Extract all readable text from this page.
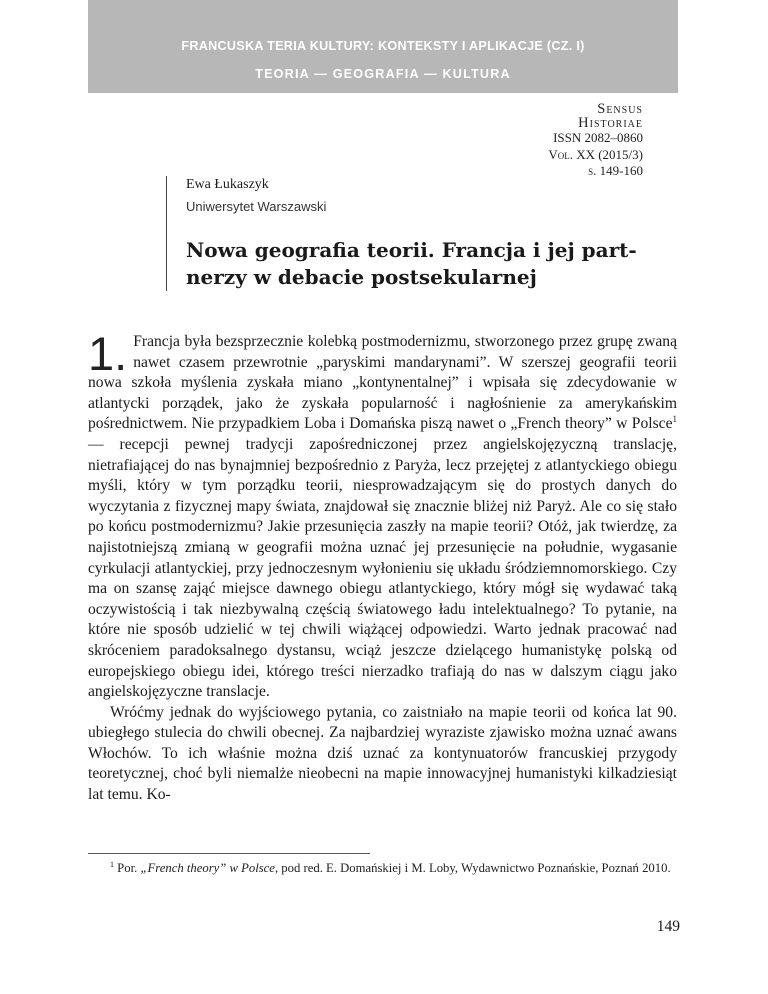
FRANCUSKA TERIA KULTURY: KONTEKSTY I APLIKACJE (CZ. I)
TEORIA — GEOGRAFIA — KULTURA
Sensus
Historiae
ISSN 2082–0860
Vol. XX (2015/3)
s. 149-160
Ewa Łukaszyk
Uniwersytet Warszawski
Nowa geografia teorii. Francja i jej partnerzy w debacie postsekularnej

1. Francja była bezsprzecznie kolebką postmodernizmu, stworzonego przez grupę zwaną nawet czasem przewrotnie „paryskimi mandarynami”. W szerszej geografii teorii nowa szkoła myślenia zyskała miano „kontynentalnej” i wpisała się zdecydowanie w atlantycki porządek, jako że zyskała popularność i nagłośnienie za amerykańskim pośrednictwem. Nie przypadkiem Loba i Domańska piszą nawet o „French theory” w Polsce$^1$ — recepcji pewnej tradycji zapośredniczonej przez angielskojęzyczną translację, nietrafiającej do nas bynajmniej bezpośrednio z Paryża, lecz przejętej z atlantyckiego obiegu myśli, który w tym porządku teorii, niesprowadzającym się do prostych danych do wyczytania z fizycznej mapy świata, znajdował się znacznie bliżej niż Paryż. Ale co się stało po końcu postmodernizmu? Jakie przesunięcia zaszły na mapie teorii? Otóż, jak twierdzę, za najistotniejszą zmianą w geografii można uznać jej przesunięcie na południe, wygasanie cyrkulacji atlantyckiej, przy jednoczesnym wyłonieniu się układu śródziemnomorskiego. Czy ma on szansę zająć miejsce dawnego obiegu atlantyckiego, który mógł się wydawać taką oczywistością i tak niezbywalną częścią światowego ładu intelektualnego? To pytanie, na które nie sposób udzielić w tej chwili wiążącej odpowiedzi. Warto jednak pracować nad skróceniem paradoksalnego dystansu, wciąż jeszcze dzielącego humanistykę polską od europejskiego obiegu idei, którego treści nierzadko trafiają do nas w dalszym ciągu jako angielskojęzyczne translacje.

Wróćmy jednak do wyjściowego pytania, co zaistniało na mapie teorii od końca lat 90. ubiegłego stulecia do chwili obecnej. Za najbardziej wyraziste zjawisko można uznać awans Włochów. To ich właśnie można dziś uznać za kontynuatorów francuskiej przygody teoretycznej, choć byli niemalże nieobecni na mapie innowacyjnej humanistyki kilkadziesiąt lat temu. Ko-

$^1$ Por. „French theory” w Polsce, pod red. E. Domańskiej i M. Loby, Wydawnictwo Poznańskie, Poznań 2010.
149
